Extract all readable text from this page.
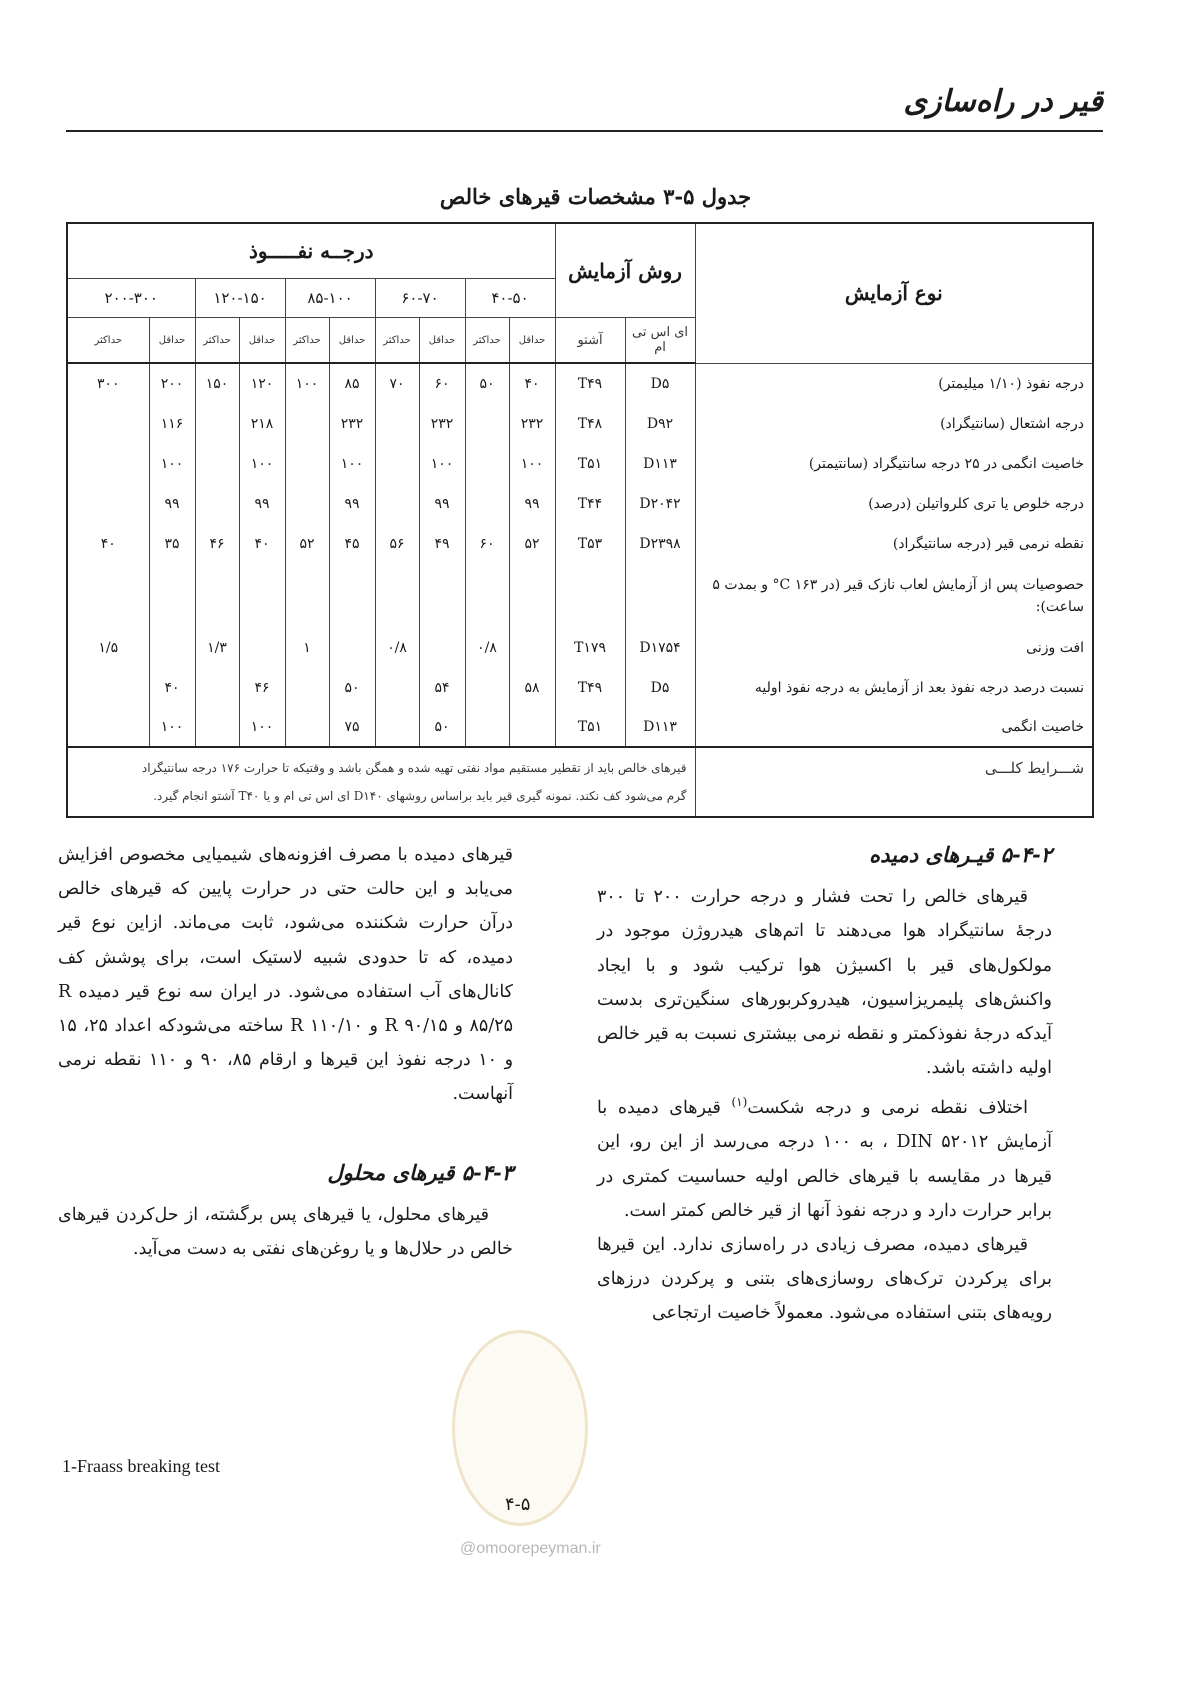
قیر در راه‌سازی
جدول ۵-۳ مشخصات قیرهای خالص
نوع آزمایش	روش آزمایش		درجــه نفـــــوذ									
			۴۰-۵۰		۶۰-۷۰		۸۵-۱۰۰		۱۲۰-۱۵۰		۲۰۰-۳۰۰	
	ای اس تی ام	آشتو	حداقل	حداکثر	حداقل	حداکثر	حداقل	حداکثر	حداقل	حداکثر	حداقل	حداکثر
درجه نفوذ (‫۱/۱۰‬ میلیمتر)	D۵	T۴۹	۴۰	۵۰	۶۰	۷۰	۸۵	۱۰۰	۱۲۰	۱۵۰	۲۰۰	۳۰۰
درجه اشتعال (سانتیگراد)	D۹۲	T۴۸	۲۳۲		۲۳۲		۲۳۲		۲۱۸		۱۱۶	
خاصیت انگمی در ۲۵ درجه سانتیگراد (سانتیمتر)	D۱۱۳	T۵۱	۱۰۰		۱۰۰		۱۰۰		۱۰۰		۱۰۰	
درجه خلوص یا تری کلرواتیلن (درصد)	D۲۰۴۲	T۴۴	۹۹		۹۹		۹۹		۹۹		۹۹	
نقطه نرمی قیر (درجه سانتیگراد)	D۲۳۹۸	T۵۳	۵۲	۶۰	۴۹	۵۶	۴۵	۵۲	۴۰	۴۶	۳۵	۴۰
حصوصیات پس از آزمایش لعاب نازک قیر (در ۱۶۳ C° و بمدت ۵ ساعت):												
افت وزنی	D۱۷۵۴	T۱۷۹		۰/۸		۰/۸		۱		۱/۳		۱/۵
نسبت درصد درجه نفوذ بعد از آزمایش به درجه نفوذ اولیه	D۵	T۴۹	۵۸		۵۴		۵۰		۴۶		۴۰	
خاصیت انگمی	D۱۱۳	T۵۱			۵۰		۷۵		۱۰۰		۱۰۰	
شـــرایط کلـــی	قیرهای خالص باید از تقطیر مستقیم مواد نفتی تهیه شده و همگن باشد و وقتیکه تا حرارت ۱۷۶ درجه سانتیگراد
گرم می‌شود کف نکند. نمونه گیری قیر باید براساس روشهای D۱۴۰ ای اس تی ام و یا T۴۰ آشتو انجام گیرد.											

۵-۴-۲ قیـرهای دمیده

قیرهای خالص را تحت فشار و درجه حرارت ۲۰۰ تا ۳۰۰ درجهٔ سانتیگراد هوا می‌دهند تا اتم‌های هیدروژن موجود در مولکول‌های قیر با اکسیژن هوا ترکیب شود و با ایجاد واکنش‌های پلیمریزاسیون، هیدروکربورهای سنگین‌تری بدست آیدکه درجهٔ نفوذکمتر و نقطه نرمی بیشتری نسبت به قیر خالص اولیه داشته باشد.

اختلاف نقطه نرمی و درجه شکست$^{(۱)}$ قیرهای دمیده با آزمایش DIN ۵۲۰۱۲ ، به ۱۰۰ درجه می‌رسد از این رو، این قیرها در مقایسه با قیرهای خالص اولیه حساسیت کمتری در برابر حرارت دارد و درجه نفوذ آنها از قیر خالص کمتر است.

قیرهای دمیده، مصرف زیادی در راه‌سازی ندارد. این قیرها برای پرکردن ترک‌های روسازی‌های بتنی و پرکردن درزهای رویه‌های بتنی استفاده می‌شود. معمولاً خاصیت ارتجاعی

قیرهای دمیده با مصرف افزونه‌های شیمیایی مخصوص افزایش می‌یابد و این حالت حتی در حرارت پایین که قیرهای خالص درآن حرارت شکننده می‌شود، ثابت می‌ماند. ازاین نوع قیر دمیده، که تا حدودی شبیه لاستیک است، برای پوشش کف کانال‌های آب استفاده می‌شود. در ایران سه نوع قیر دمیده R ۸۵/۲۵ و R ۹۰/۱۵ و R ۱۱۰/۱۰ ساخته می‌شودکه اعداد ۲۵، ۱۵ و ۱۰ درجه نفوذ این قیرها و ارقام ۸۵، ۹۰ و ۱۱۰ نقطه نرمی آنهاست.

۵-۴-۳ قیرهای محلول

قیرهای محلول، یا قیرهای پس برگشته، از حل‌کردن قیرهای خالص در حلال‌ها و یا روغن‌های نفتی به دست می‌آید.

1-Fraass breaking test
۴-۵
@omoorepeyman.ir
